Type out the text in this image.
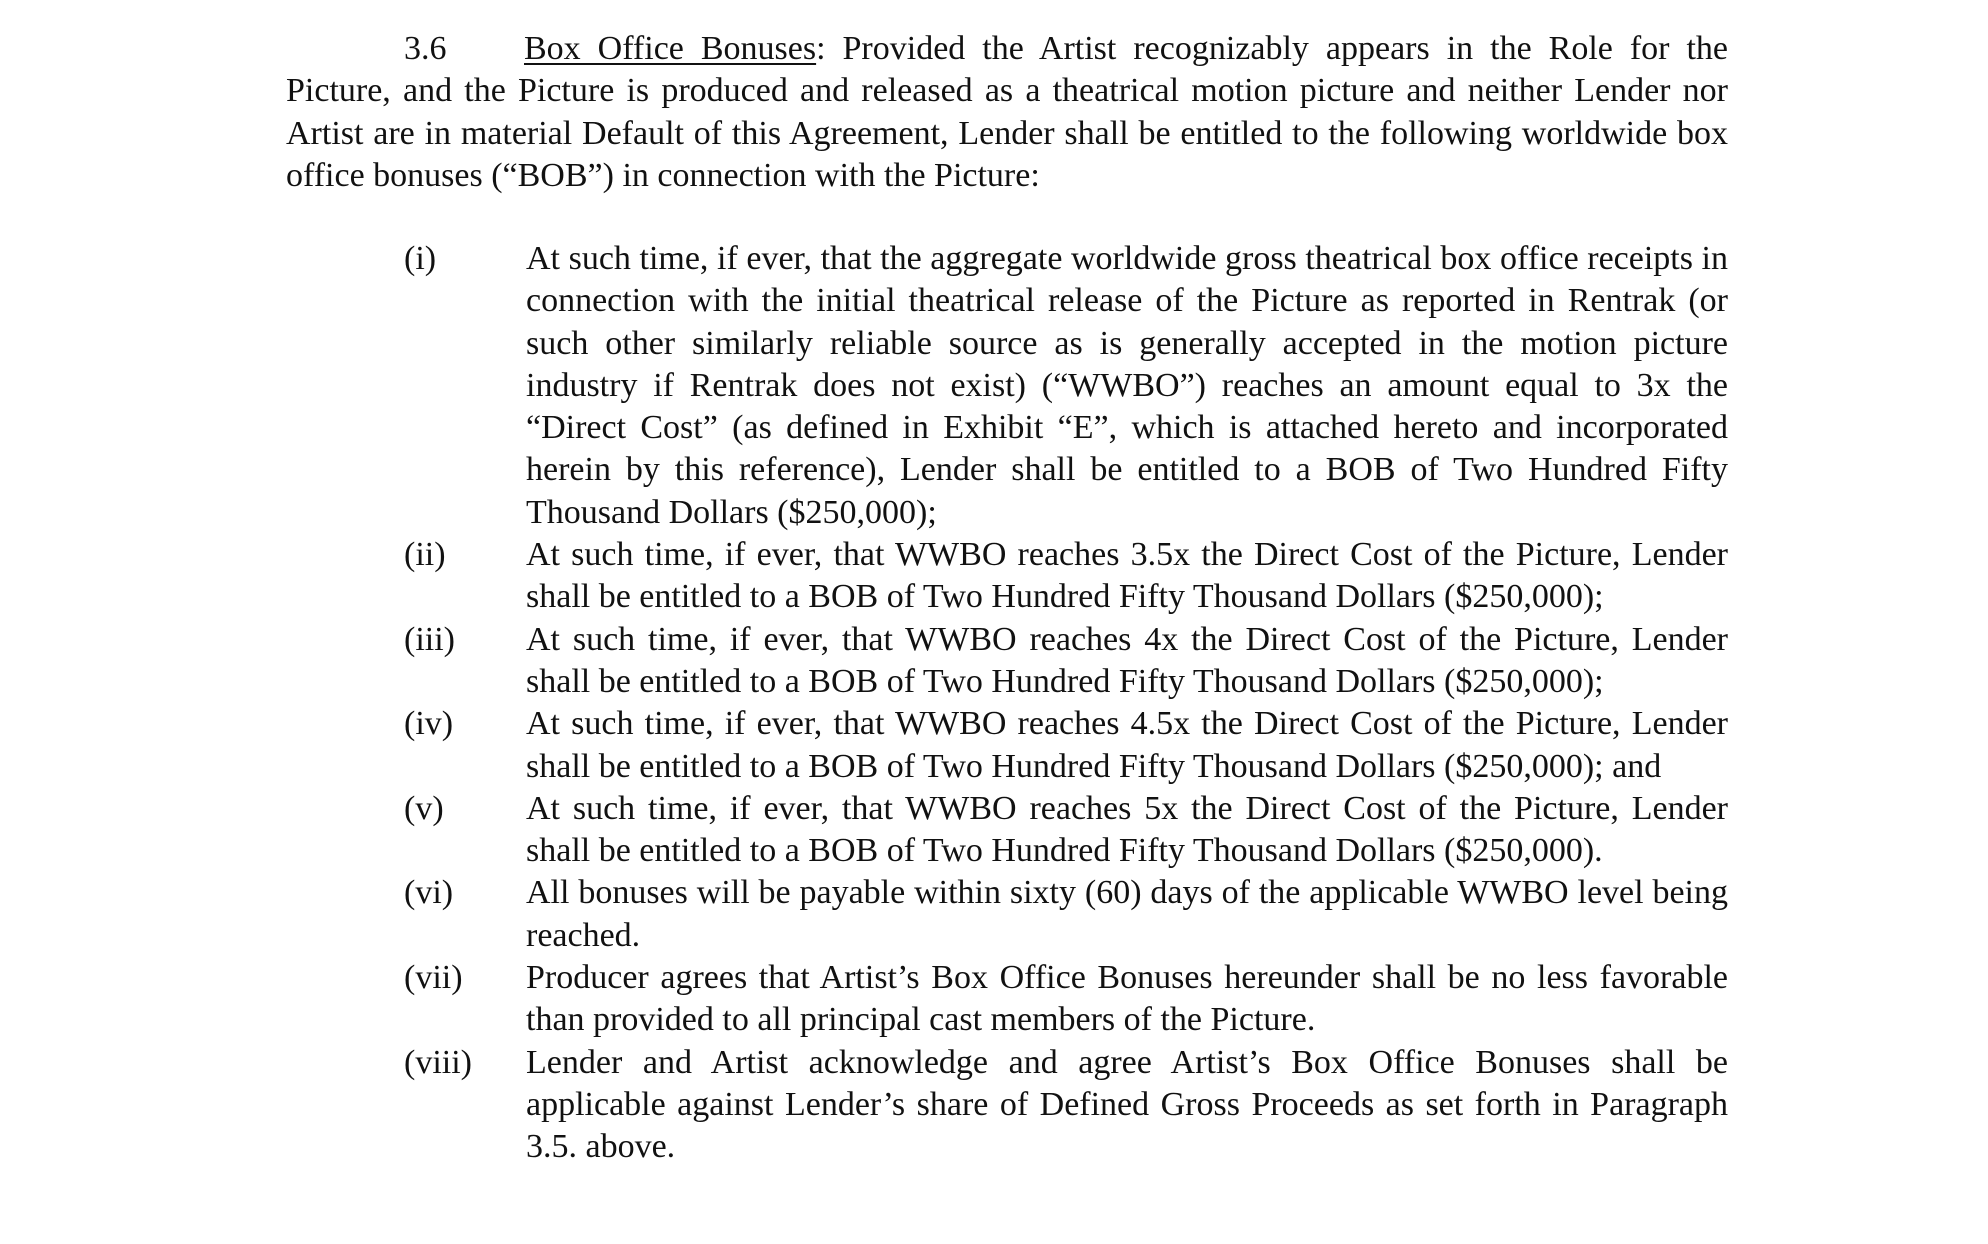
3.6 Box Office Bonuses: Provided the Artist recognizably appears in the Role for the Picture, and the Picture is produced and released as a theatrical motion picture and neither Lender nor Artist are in material Default of this Agreement, Lender shall be entitled to the following worldwide box office bonuses (“BOB”) in connection with the Picture:

(i)	At such time, if ever, that the aggregate worldwide gross theatrical box office receipts in connection with the initial theatrical release of the Picture as reported in Rentrak (or such other similarly reliable source as is generally accepted in the motion picture industry if Rentrak does not exist) (“WWBO”) reaches an amount equal to 3x the “Direct Cost” (as defined in Exhibit “E”, which is attached hereto and incorporated herein by this reference), Lender shall be entitled to a BOB of Two Hundred Fifty Thousand Dollars ($250,000);
(ii) At such time, if ever, that WWBO reaches 3.5x the Direct Cost of the Picture, Lender shall be entitled to a BOB of Two Hundred Fifty Thousand Dollars ($250,000);
(iii) At such time, if ever, that WWBO reaches 4x the Direct Cost of the Picture, Lender shall be entitled to a BOB of Two Hundred Fifty Thousand Dollars ($250,000);
(iv) At such time, if ever, that WWBO reaches 4.5x the Direct Cost of the Picture, Lender shall be entitled to a BOB of Two Hundred Fifty Thousand Dollars ($250,000); and
(v) At such time, if ever, that WWBO reaches 5x the Direct Cost of the Picture, Lender shall be entitled to a BOB of Two Hundred Fifty Thousand Dollars ($250,000).
(vi) All bonuses will be payable within sixty (60) days of the applicable WWBO level being reached.
(vii) Producer agrees that Artist’s Box Office Bonuses hereunder shall be no less favorable than provided to all principal cast members of the Picture.
(viii) Lender and Artist acknowledge and agree Artist’s Box Office Bonuses shall be applicable against Lender’s share of Defined Gross Proceeds as set forth in Paragraph 3.5. above.
